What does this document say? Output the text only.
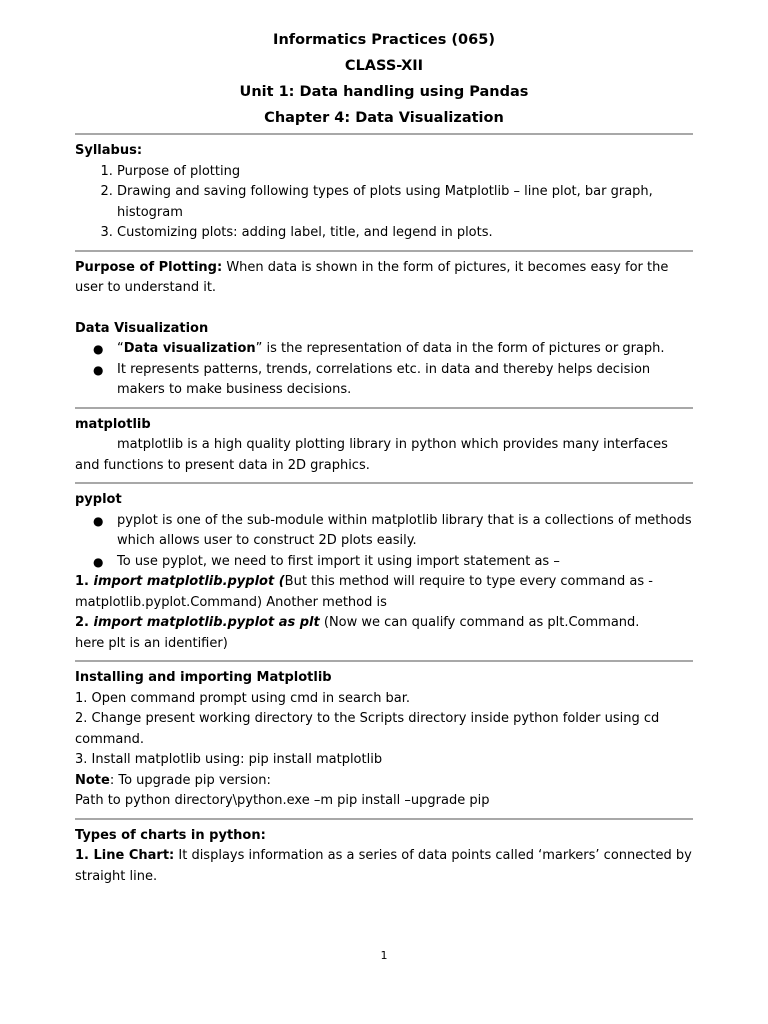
Informatics Practices (065)
CLASS-XII
Unit 1: Data handling using Pandas
Chapter 4: Data Visualization
Syllabus:
1. Purpose of plotting
2. Drawing and saving following types of plots using Matplotlib – line plot, bar graph, histogram
3. Customizing plots: adding label, title, and legend in plots.

Purpose of Plotting: When data is shown in the form of pictures, it becomes easy for the user to understand it.

Data Visualization
● “Data visualization” is the representation of data in the form of pictures or graph.
● It represents patterns, trends, correlations etc. in data and thereby helps decision makers to make business decisions.
matplotlib

matplotlib is a high quality plotting library in python which provides many interfaces and functions to present data in 2D graphics.

pyplot
● pyplot is one of the sub-module within matplotlib library that is a collections of methods which allows user to construct 2D plots easily.
● To use pyplot, we need to first import it using import statement as –

1. import matplotlib.pyplot (But this method will require to type every command as - matplotlib.pyplot.Command) Another method is

2. import matplotlib.pyplot as plt (Now we can qualify command as plt.Command.

here plt is an identifier)

Installing and importing Matplotlib

1. Open command prompt using cmd in search bar.

2. Change present working directory to the Scripts directory inside python folder using cd command.

3. Install matplotlib using: pip install matplotlib

Note: To upgrade pip version:

Path to python directory\python.exe –m pip install –upgrade pip

Types of charts in python:

1. Line Chart: It displays information as a series of data points called ‘markers’ connected by straight line.

1
